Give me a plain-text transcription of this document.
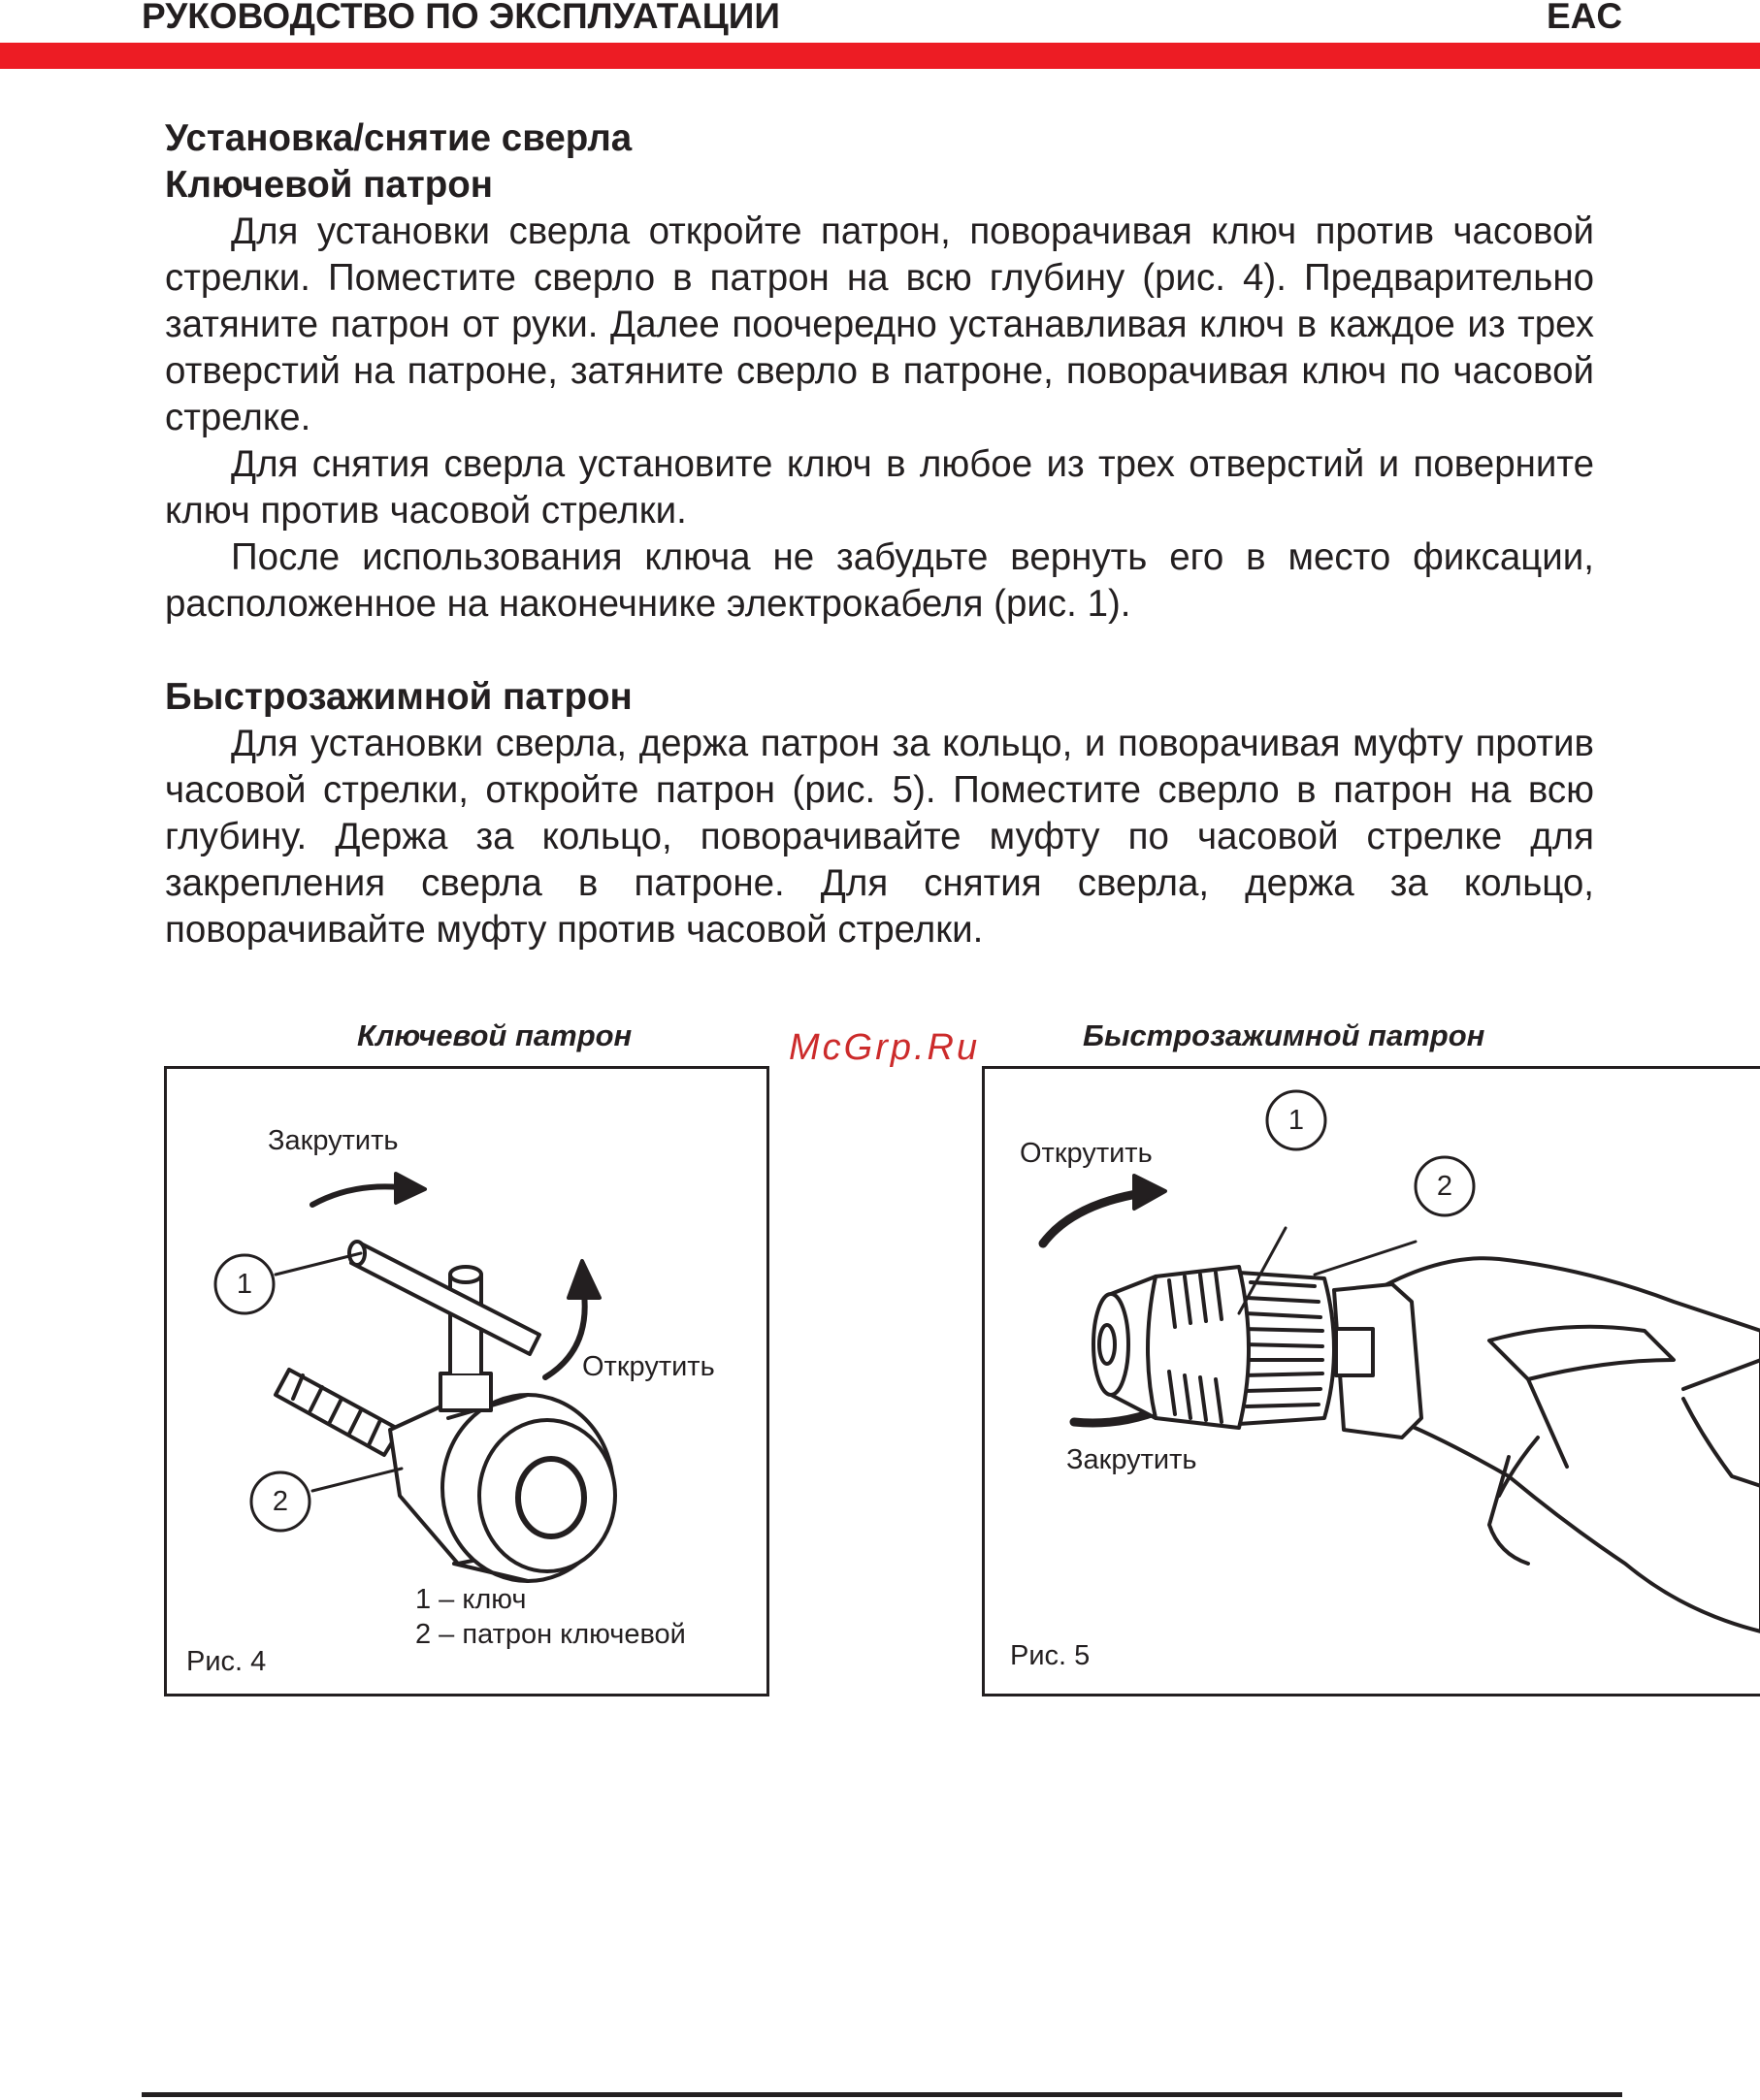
РУКОВОДСТВО ПО ЭКСПЛУАТАЦИИ	EAC

Установка/снятие сверла

Ключевой патрон

Для установки сверла откройте патрон, поворачивая ключ против часовой стрелки. Поместите сверло в патрон на всю глубину (рис. 4). Предварительно затяните патрон от руки. Далее поочередно устанавливая ключ в каждое из трех отверстий на патроне, затяните сверло в патроне, поворачивая ключ по часовой стрелке.

Для снятия сверла установите ключ в любое из трех отверстий и поверните ключ против часовой стрелки.

После использования ключа не забудьте вернуть его в место фиксации, расположенное на наконечнике электрокабеля (рис. 1).

Быстрозажимной патрон

Для установки сверла, держа патрон за кольцо, и поворачивая муфту против часовой стрелки, откройте патрон (рис. 5). Поместите сверло в патрон на всю глубину. Держа за кольцо, поворачивайте муфту по часовой стрелке для закрепления сверла в патроне. Для снятия сверла, держа за кольцо, поворачивайте муфту против часовой стрелки.

Ключевой патрон	McGrp.Ru	Быстрозажимной патрон
Закрутить
Открутить
1
2
1 – ключ
2 – патрон ключевой
Рис. 4
1
2
Открутить
Закрутить
Рис. 5
